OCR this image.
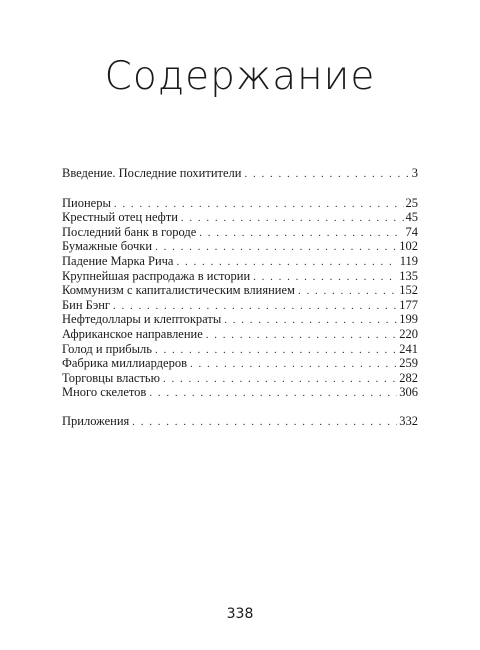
Содержание
Введение. Последние похитители . . .	3
Пионеры . . .	25
Крестный отец нефти . . .	45
Последний банк в городе . . .	74
Бумажные бочки . . .	102
Падение Марка Рича . . .	119
Крупнейшая распродажа в истории . . .	135
Коммунизм с капиталистическим влиянием . . .	152
Бин Бэнг . . .	177
Нефтедоллары и клептократы . . .	199
Африканское направление . . .	220
Голод и прибыль . . .	241
Фабрика миллиардеров . . .	259
Торговцы властью . . .	282
Много скелетов . . .	306
Приложения . . .	332
338
